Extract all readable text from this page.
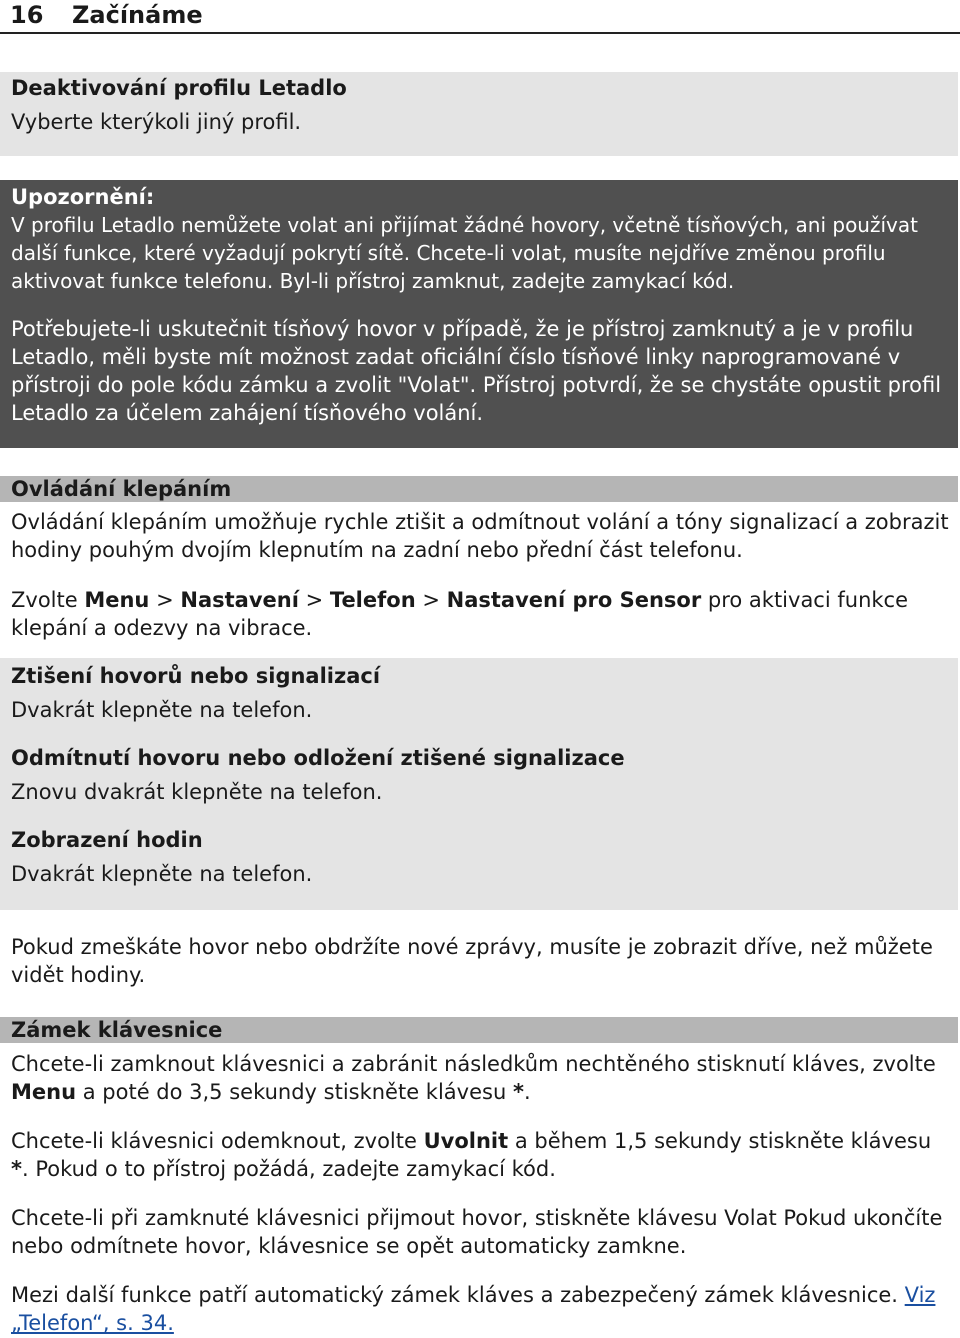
16 Začínáme

Deaktivování profilu Letadlo

Vyberte kterýkoli jiný profil.

Upozornění:

V profilu Letadlo nemůžete volat ani přijímat žádné hovory, včetně tísňových, ani používat další funkce, které vyžadují pokrytí sítě. Chcete-li volat, musíte nejdříve změnou profilu aktivovat funkce telefonu. Byl-li přístroj zamknut, zadejte zamykací kód.

Potřebujete-li uskutečnit tísňový hovor v případě, že je přístroj zamknutý a je v profilu Letadlo, měli byste mít možnost zadat oficiální číslo tísňové linky naprogramované v přístroji do pole kódu zámku a zvolit "Volat". Přístroj potvrdí, že se chystáte opustit profil Letadlo za účelem zahájení tísňového volání.

Ovládání klepáním

Ovládání klepáním umožňuje rychle ztišit a odmítnout volání a tóny signalizací a zobrazit hodiny pouhým dvojím klepnutím na zadní nebo přední část telefonu.

Zvolte Menu > Nastavení > Telefon > Nastavení pro Sensor pro aktivaci funkce klepání a odezvy na vibrace.

Ztišení hovorů nebo signalizací

Dvakrát klepněte na telefon.

Odmítnutí hovoru nebo odložení ztišené signalizace

Znovu dvakrát klepněte na telefon.

Zobrazení hodin

Dvakrát klepněte na telefon.

Pokud zmeškáte hovor nebo obdržíte nové zprávy, musíte je zobrazit dříve, než můžete vidět hodiny.

Zámek klávesnice

Chcete-li zamknout klávesnici a zabránit následkům nechtěného stisknutí kláves, zvolte Menu a poté do 3,5 sekundy stiskněte klávesu *.

Chcete-li klávesnici odemknout, zvolte Uvolnit a během 1,5 sekundy stiskněte klávesu *. Pokud o to přístroj požádá, zadejte zamykací kód.

Chcete-li při zamknuté klávesnici přijmout hovor, stiskněte klávesu Volat Pokud ukončíte nebo odmítnete hovor, klávesnice se opět automaticky zamkne.

Mezi další funkce patří automatický zámek kláves a zabezpečený zámek klávesnice. Viz „Telefon“, s. 34.
